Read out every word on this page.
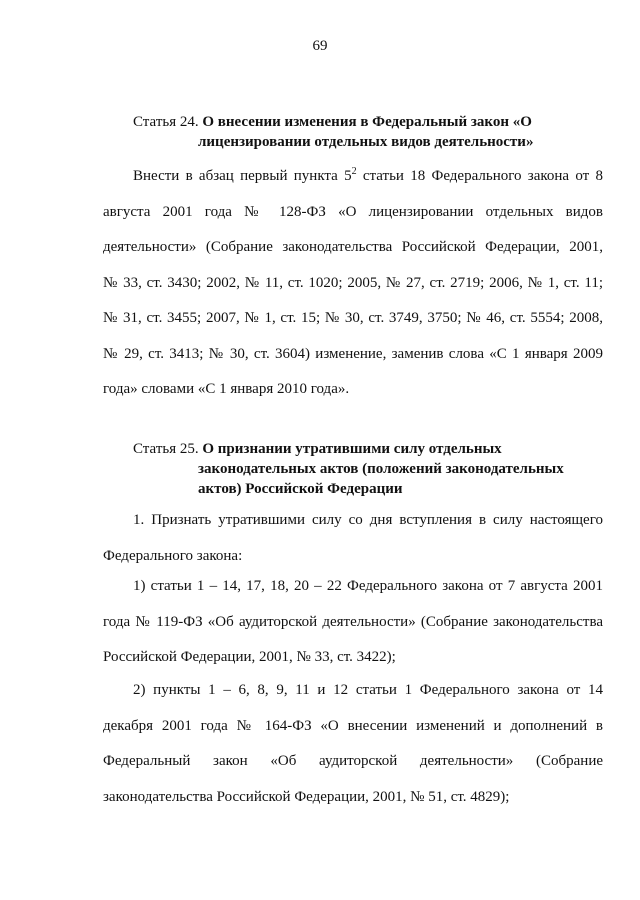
69
Статья 24. О внесении изменения в Федеральный закон «О
лицензировании отдельных видов деятельности»
Внести в абзац первый пункта $5^2$ статьи 18 Федерального закона от 8
августа 2001 года № 128-ФЗ «О лицензировании отдельных видов
деятельности» (Собрание законодательства Российской Федерации, 2001,
№ 33, ст. 3430; 2002, № 11, ст. 1020; 2005, № 27, ст. 2719; 2006, № 1, ст. 11;
№ 31, ст. 3455; 2007, № 1, ст. 15; № 30, ст. 3749, 3750; № 46, ст. 5554; 2008,
№ 29, ст. 3413; № 30, ст. 3604) изменение, заменив слова «С 1 января 2009
года» словами «С 1 января 2010 года».
Статья 25. О признании утратившими силу отдельных
законодательных актов (положений законодательных
актов) Российской Федерации
1. Признать утратившими силу со дня вступления в силу настоящего
Федерального закона:
1) статьи 1 – 14, 17, 18, 20 – 22 Федерального закона от 7 августа 2001
года № 119-ФЗ «Об аудиторской деятельности» (Собрание законодательства
Российской Федерации, 2001, № 33, ст. 3422);
2) пункты 1 – 6, 8, 9, 11 и 12 статьи 1 Федерального закона от 14
декабря 2001 года № 164-ФЗ «О внесении изменений и дополнений в
Федеральный закон «Об аудиторской деятельности» (Собрание
законодательства Российской Федерации, 2001, № 51, ст. 4829);
